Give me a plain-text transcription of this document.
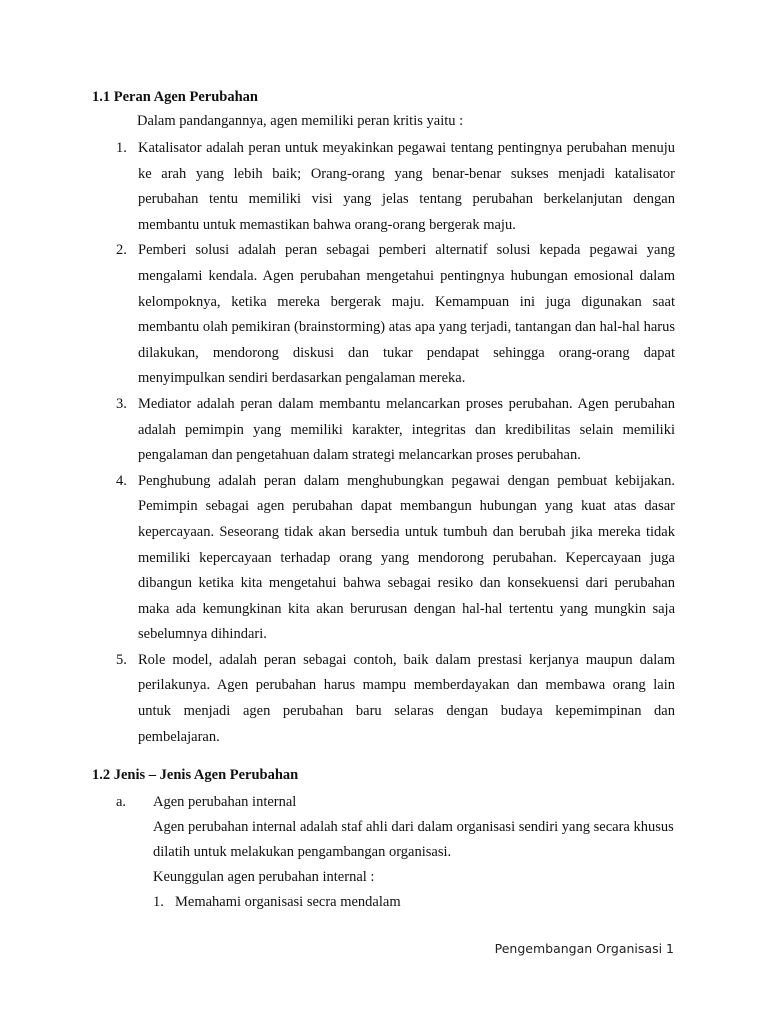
1.1 Peran Agen Perubahan

Dalam pandangannya, agen memiliki peran kritis yaitu :

1. Katalisator adalah peran untuk meyakinkan pegawai tentang pentingnya perubahan menuju ke arah yang lebih baik; Orang-orang yang benar-benar sukses menjadi katalisator perubahan tentu memiliki visi yang jelas tentang perubahan berkelanjutan dengan membantu untuk memastikan bahwa orang-orang bergerak maju.
2. Pemberi solusi adalah peran sebagai pemberi alternatif solusi kepada pegawai yang mengalami kendala. Agen perubahan mengetahui pentingnya hubungan emosional dalam kelompoknya, ketika mereka bergerak maju. Kemampuan ini juga digunakan saat membantu olah pemikiran (brainstorming) atas apa yang terjadi, tantangan dan hal-hal harus dilakukan, mendorong diskusi dan tukar pendapat sehingga orang-orang dapat menyimpulkan sendiri berdasarkan pengalaman mereka.
3. Mediator adalah peran dalam membantu melancarkan proses perubahan. Agen perubahan adalah pemimpin yang memiliki karakter, integritas dan kredibilitas selain memiliki pengalaman dan pengetahuan dalam strategi melancarkan proses perubahan.
4. Penghubung adalah peran dalam menghubungkan pegawai dengan pembuat kebijakan. Pemimpin sebagai agen perubahan dapat membangun hubungan yang kuat atas dasar kepercayaan. Seseorang tidak akan bersedia untuk tumbuh dan berubah jika mereka tidak memiliki kepercayaan terhadap orang yang mendorong perubahan. Kepercayaan juga dibangun ketika kita mengetahui bahwa sebagai resiko dan konsekuensi dari perubahan maka ada kemungkinan kita akan berurusan dengan hal-hal tertentu yang mungkin saja sebelumnya dihindari.
5. Role model, adalah peran sebagai contoh, baik dalam prestasi kerjanya maupun dalam perilakunya. Agen perubahan harus mampu memberdayakan dan membawa orang lain untuk menjadi agen perubahan baru selaras dengan budaya kepemimpinan dan pembelajaran.
1.2 Jenis – Jenis Agen Perubahan
a. Agen perubahan internal

Agen perubahan internal adalah staf ahli dari dalam organisasi sendiri yang secara khusus dilatih untuk melakukan pengambangan organisasi.

Keunggulan agen perubahan internal :

1. Memahami organisasi secra mendalam
Pengembangan Organisasi 1
